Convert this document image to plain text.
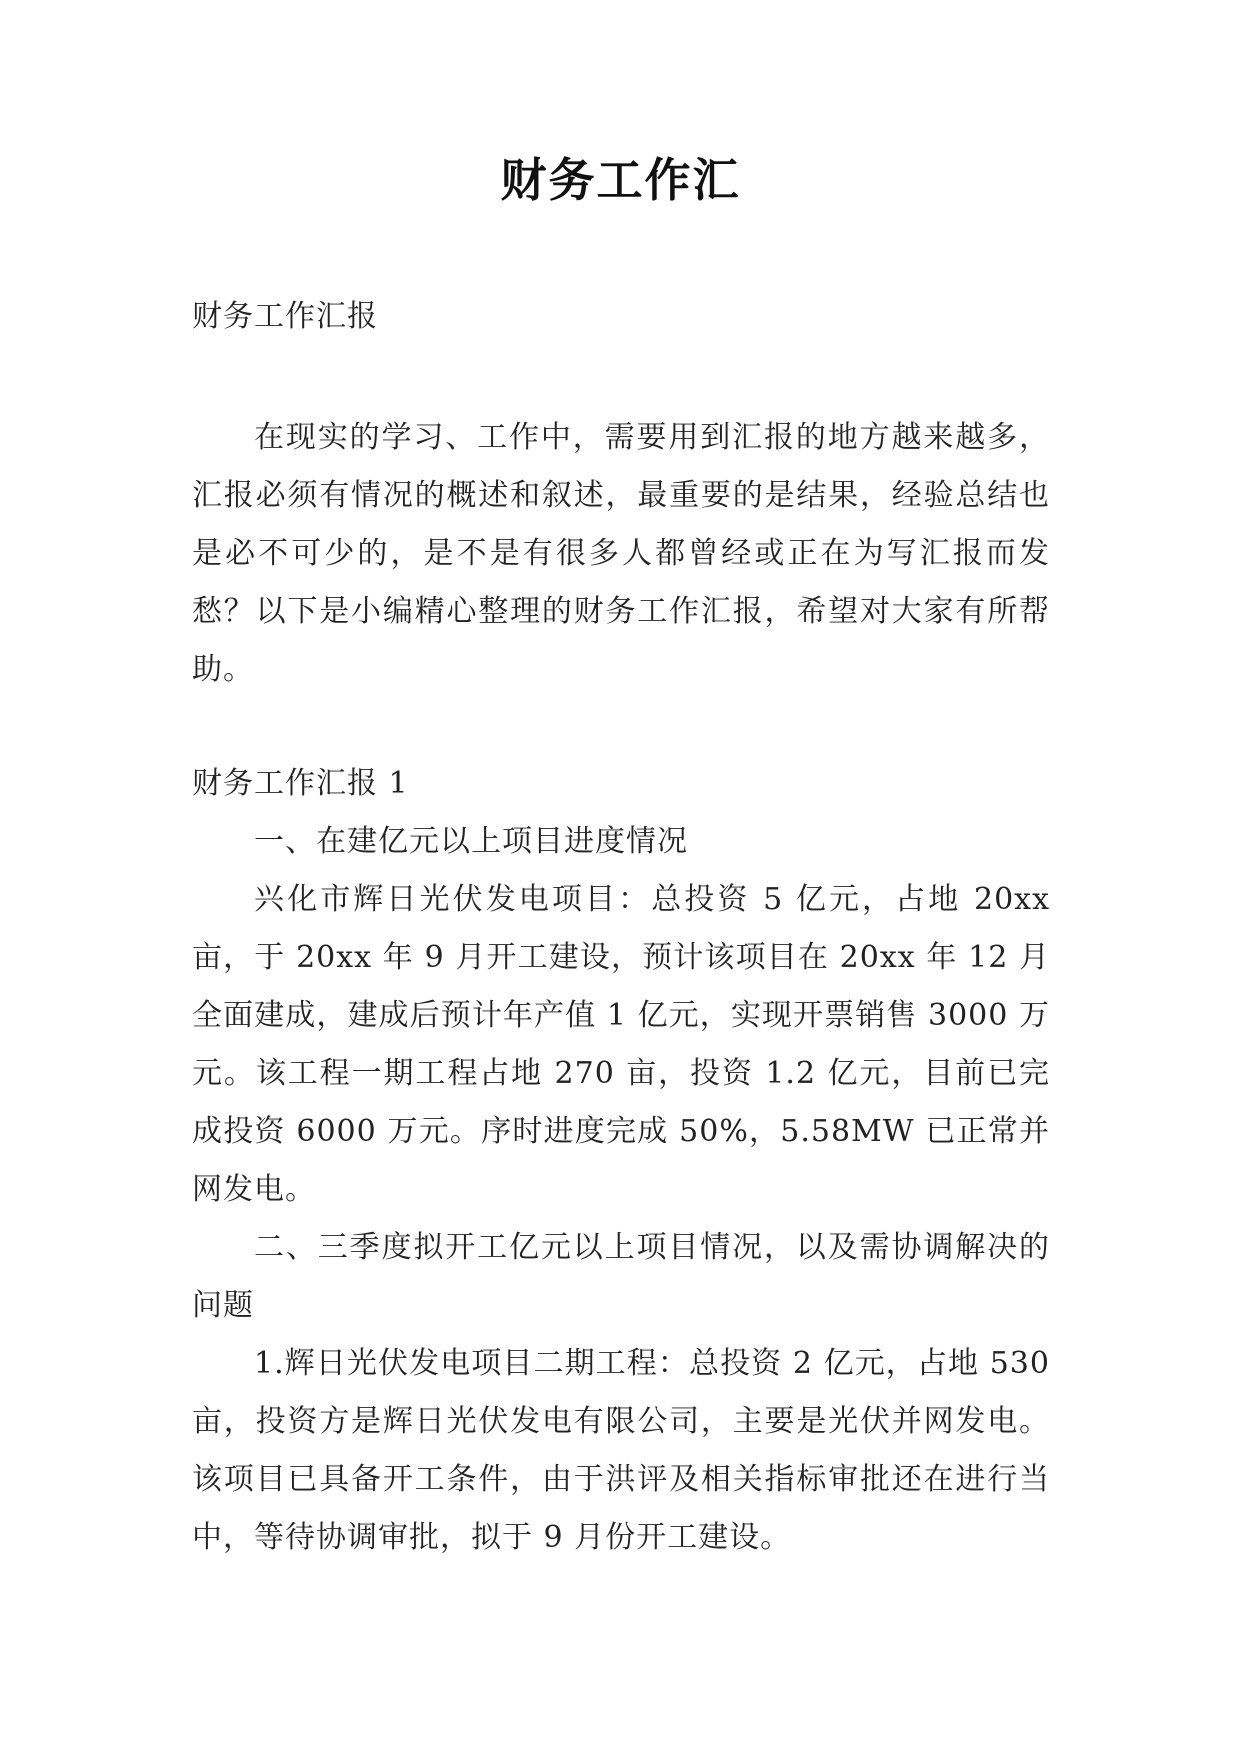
财务工作汇
财务工作汇报

在现实的学习、工作中，需要用到汇报的地方越来越多，汇报必须有情况的概述和叙述，最重要的是结果，经验总结也是必不可少的，是不是有很多人都曾经或正在为写汇报而发愁？以下是小编精心整理的财务工作汇报，希望对大家有所帮助。

财务工作汇报 1

一、在建亿元以上项目进度情况

兴化市辉日光伏发电项目：总投资 5 亿元，占地 20xx 亩，于 20xx 年 9 月开工建设，预计该项目在 20xx 年 12 月全面建成，建成后预计年产值 1 亿元，实现开票销售 3000 万元。该工程一期工程占地 270 亩，投资 1.2 亿元，目前已完成投资 6000 万元。序时进度完成 50%，5.58MW 已正常并网发电。

二、三季度拟开工亿元以上项目情况，以及需协调解决的问题

1.辉日光伏发电项目二期工程：总投资 2 亿元，占地 530 亩，投资方是辉日光伏发电有限公司，主要是光伏并网发电。该项目已具备开工条件，由于洪评及相关指标审批还在进行当中，等待协调审批，拟于 9 月份开工建设。
